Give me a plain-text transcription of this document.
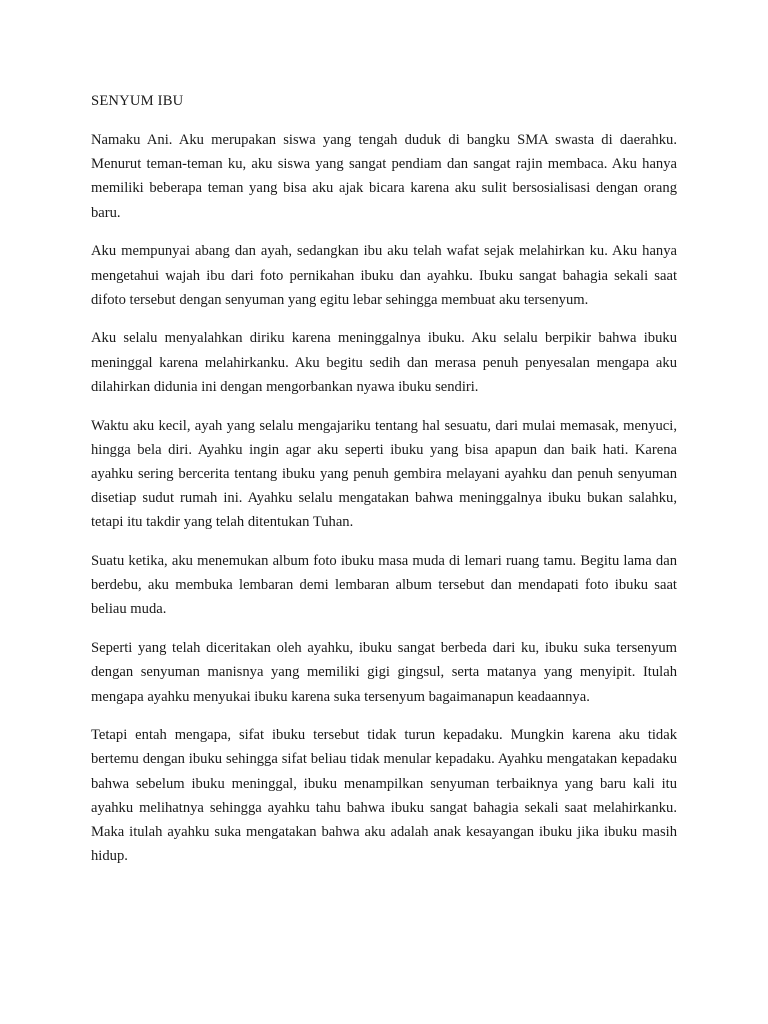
SENYUM IBU

Namaku Ani. Aku merupakan siswa yang tengah duduk di bangku SMA swasta di daerahku. Menurut teman-teman ku, aku siswa yang sangat pendiam dan sangat rajin membaca. Aku hanya memiliki beberapa teman yang bisa aku ajak bicara karena aku sulit bersosialisasi dengan orang baru.

Aku mempunyai abang dan ayah, sedangkan ibu aku telah wafat sejak melahirkan ku. Aku hanya mengetahui wajah ibu dari foto pernikahan ibuku dan ayahku. Ibuku sangat bahagia sekali saat difoto tersebut dengan senyuman yang egitu lebar sehingga membuat aku tersenyum.

Aku selalu menyalahkan diriku karena meninggalnya ibuku. Aku selalu berpikir bahwa ibuku meninggal karena melahirkanku. Aku begitu sedih dan merasa penuh penyesalan mengapa aku dilahirkan didunia ini dengan mengorbankan nyawa ibuku sendiri.

Waktu aku kecil, ayah yang selalu mengajariku tentang hal sesuatu, dari mulai memasak, menyuci, hingga bela diri. Ayahku ingin agar aku seperti ibuku yang bisa apapun dan baik hati. Karena ayahku sering bercerita tentang ibuku yang penuh gembira melayani ayahku dan penuh senyuman disetiap sudut rumah ini. Ayahku selalu mengatakan bahwa meninggalnya ibuku bukan salahku, tetapi itu takdir yang telah ditentukan Tuhan.

Suatu ketika, aku menemukan album foto ibuku masa muda di lemari ruang tamu. Begitu lama dan berdebu, aku membuka lembaran demi lembaran album tersebut dan mendapati foto ibuku saat beliau muda.

Seperti yang telah diceritakan oleh ayahku, ibuku sangat berbeda dari ku, ibuku suka tersenyum dengan senyuman manisnya yang memiliki gigi gingsul, serta matanya yang menyipit. Itulah mengapa ayahku menyukai ibuku karena suka tersenyum bagaimanapun keadaannya.

Tetapi entah mengapa, sifat ibuku tersebut tidak turun kepadaku. Mungkin karena aku tidak bertemu dengan ibuku sehingga sifat beliau tidak menular kepadaku. Ayahku mengatakan kepadaku bahwa sebelum ibuku meninggal, ibuku menampilkan senyuman terbaiknya yang baru kali itu ayahku melihatnya sehingga ayahku tahu bahwa ibuku sangat bahagia sekali saat melahirkanku. Maka itulah ayahku suka mengatakan bahwa aku adalah anak kesayangan ibuku jika ibuku masih hidup.
